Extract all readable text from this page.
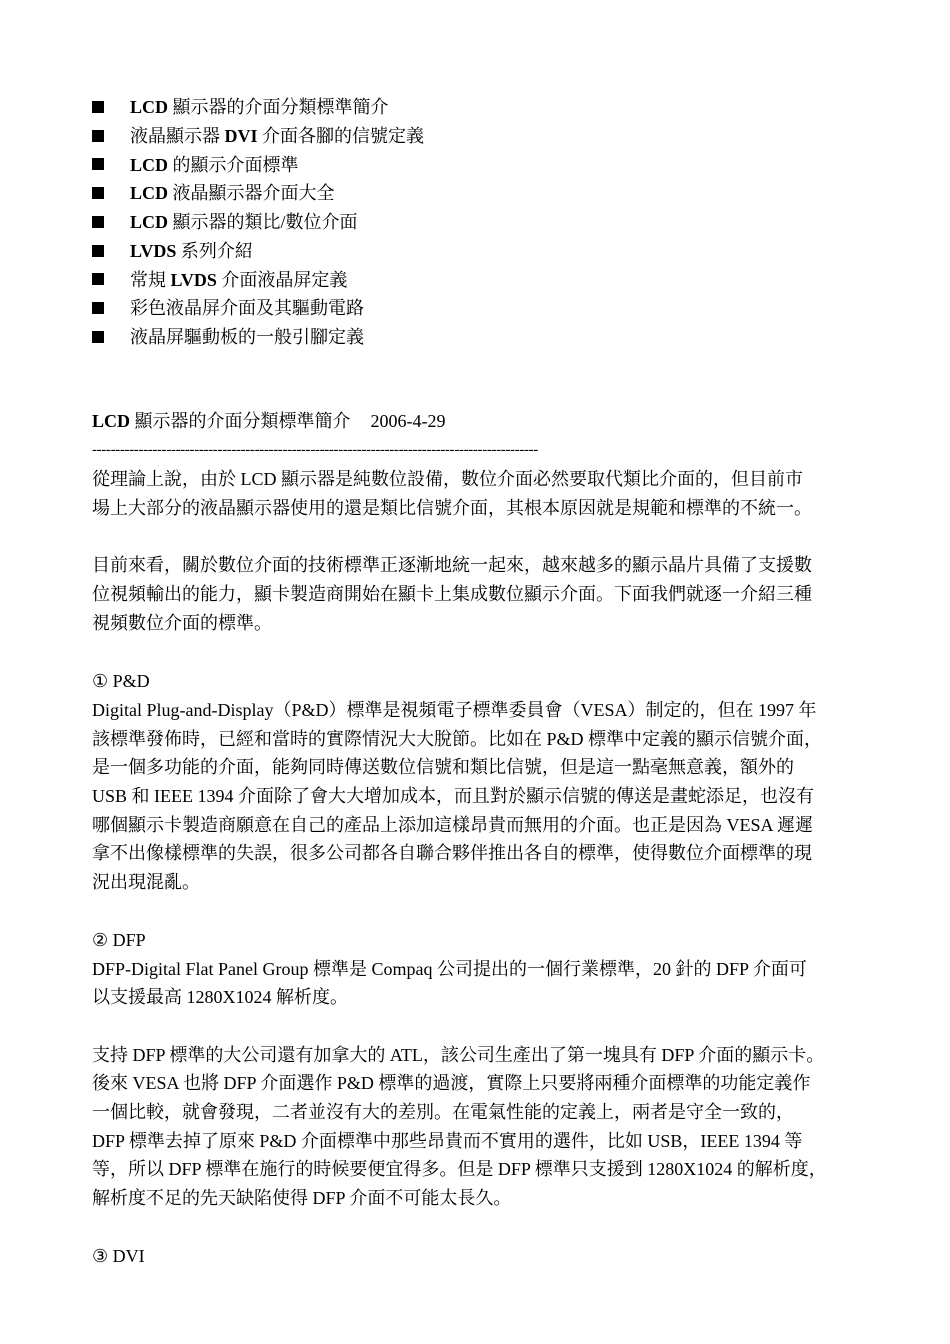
LCD 顯示器的介面分類標準簡介
液晶顯示器 DVI 介面各腳的信號定義
LCD 的顯示介面標準
LCD 液晶顯示器介面大全
LCD 顯示器的類比/數位介面
LVDS 系列介紹
常規 LVDS 介面液晶屏定義
彩色液晶屏介面及其驅動電路
液晶屏驅動板的一般引腳定義
LCD 顯示器的介面分類標準簡介 2006-4-29
------------------------------------------------------------------------------------------------
從理論上說，由於 LCD 顯示器是純數位設備，數位介面必然要取代類比介面的，但目前市
場上大部分的液晶顯示器使用的還是類比信號介面，其根本原因就是規範和標準的不統一。
目前來看，關於數位介面的技術標準正逐漸地統一起來，越來越多的顯示晶片具備了支援數
位視頻輸出的能力，顯卡製造商開始在顯卡上集成數位顯示介面。下面我們就逐一介紹三種
視頻數位介面的標準。
① P&D
Digital Plug-and-Display（P&D）標準是視頻電子標準委員會（VESA）制定的，但在 1997 年
該標準發佈時，已經和當時的實際情況大大脫節。比如在 P&D 標準中定義的顯示信號介面，
是一個多功能的介面，能夠同時傳送數位信號和類比信號，但是這一點毫無意義，額外的
USB 和 IEEE 1394 介面除了會大大增加成本，而且對於顯示信號的傳送是畫蛇添足，也沒有
哪個顯示卡製造商願意在自己的產品上添加這樣昂貴而無用的介面。也正是因為 VESA 遲遲
拿不出像樣標準的失誤，很多公司都各自聯合夥伴推出各自的標準，使得數位介面標準的現
況出現混亂。
② DFP
DFP-Digital Flat Panel Group 標準是 Compaq 公司提出的一個行業標準，20 針的 DFP 介面可
以支援最高 1280X1024 解析度。
支持 DFP 標準的大公司還有加拿大的 ATL，該公司生產出了第一塊具有 DFP 介面的顯示卡。
後來 VESA 也將 DFP 介面選作 P&D 標準的過渡，實際上只要將兩種介面標準的功能定義作
一個比較，就會發現，二者並沒有大的差別。在電氣性能的定義上，兩者是守全一致的，
DFP 標準去掉了原來 P&D 介面標準中那些昂貴而不實用的選件，比如 USB，IEEE 1394 等
等，所以 DFP 標準在施行的時候要便宜得多。但是 DFP 標準只支援到 1280X1024 的解析度，
解析度不足的先天缺陷使得 DFP 介面不可能太長久。
③ DVI
